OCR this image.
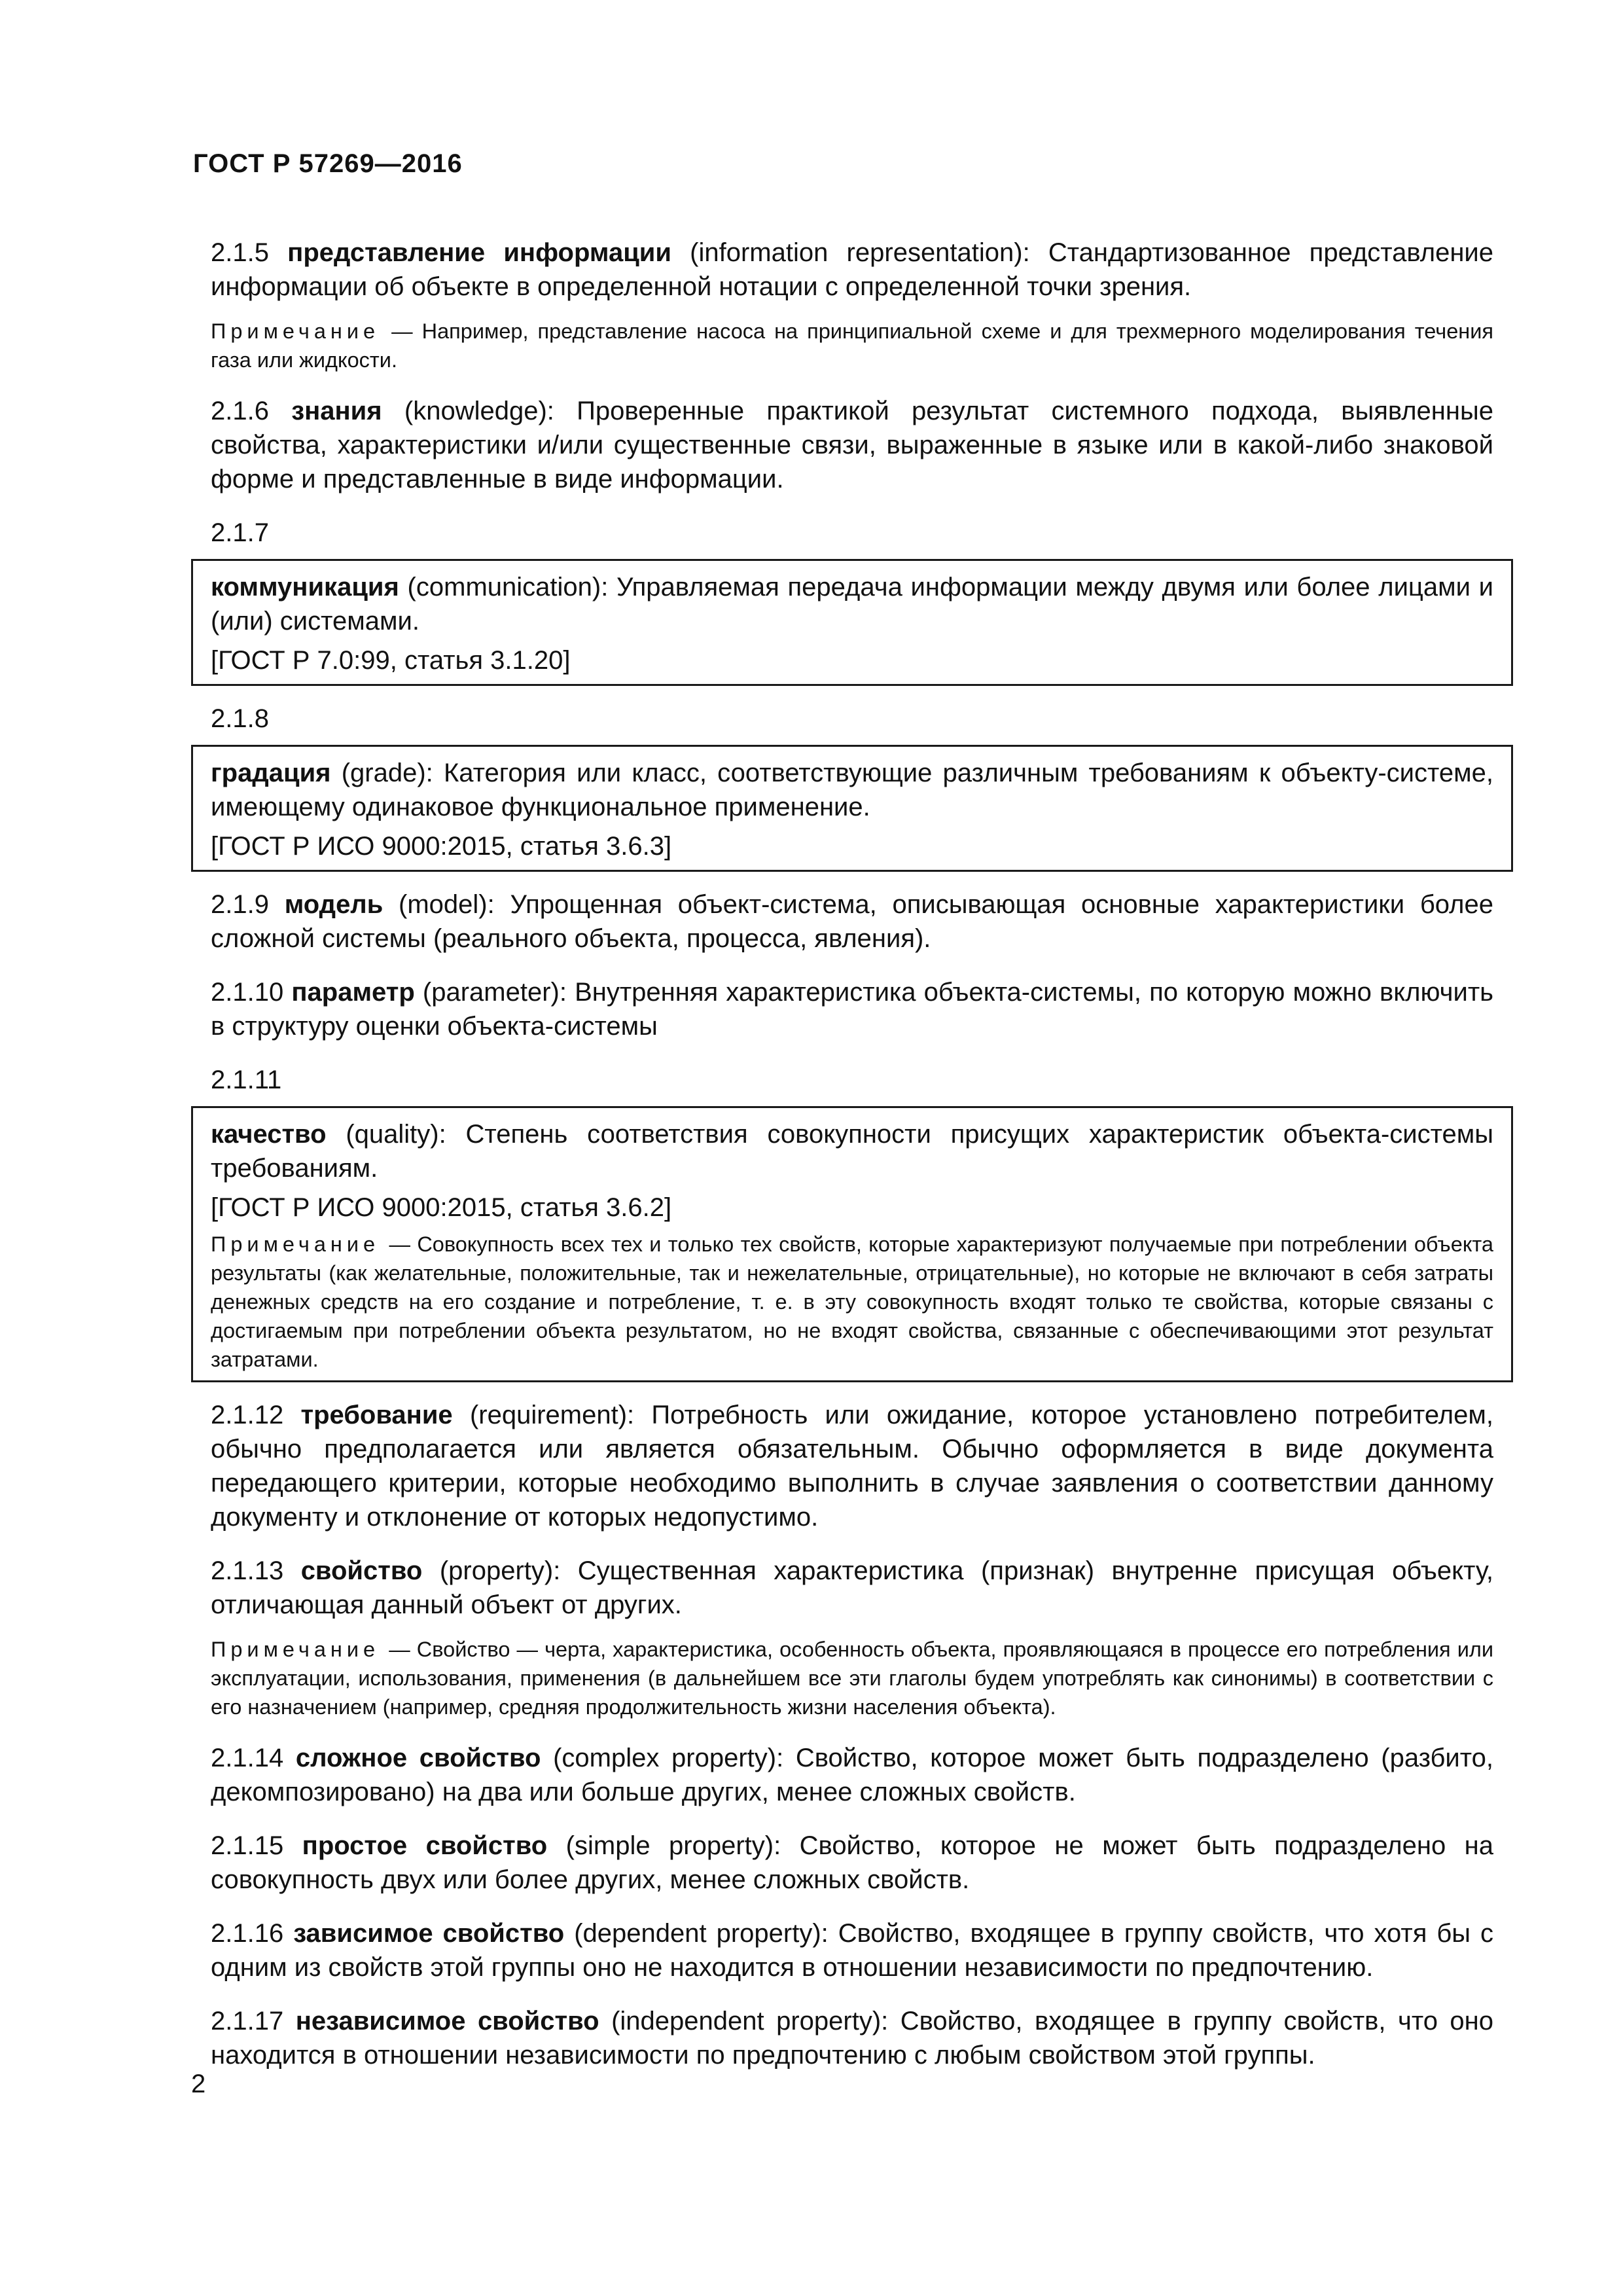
ГОСТ Р 57269—2016

2.1.5 представление информации (information representation): Стандартизованное представление информации об объекте в определенной нотации с определенной точки зрения.

Примечание — Например, представление насоса на принципиальной схеме и для трехмерного моделирования течения газа или жидкости.

2.1.6 знания (knowledge): Проверенные практикой результат системного подхода, выявленные свойства, характеристики и/или существенные связи, выраженные в языке или в какой-либо знаковой форме и представленные в виде информации.

2.1.7

коммуникация (communication): Управляемая передача информации между двумя или более лицами и (или) системами.

[ГОСТ Р 7.0:99, статья 3.1.20]

2.1.8

градация (grade): Категория или класс, соответствующие различным требованиям к объекту-системе, имеющему одинаковое функциональное применение.

[ГОСТ Р ИСО 9000:2015, статья 3.6.3]

2.1.9 модель (model): Упрощенная объект-система, описывающая основные характеристики более сложной системы (реального объекта, процесса, явления).

2.1.10 параметр (parameter): Внутренняя характеристика объекта-системы, по которую можно включить в структуру оценки объекта-системы

2.1.11

качество (quality): Степень соответствия совокупности присущих характеристик объекта-системы требованиям.

[ГОСТ Р ИСО 9000:2015, статья 3.6.2]

Примечание — Совокупность всех тех и только тех свойств, которые характеризуют получаемые при потреблении объекта результаты (как желательные, положительные, так и нежелательные, отрицательные), но которые не включают в себя затраты денежных средств на его создание и потребление, т. е. в эту совокупность входят только те свойства, которые связаны с достигаемым при потреблении объекта результатом, но не входят свойства, связанные с обеспечивающими этот результат затратами.

2.1.12 требование (requirement): Потребность или ожидание, которое установлено потребителем, обычно предполагается или является обязательным. Обычно оформляется в виде документа передающего критерии, которые необходимо выполнить в случае заявления о соответствии данному документу и отклонение от которых недопустимо.

2.1.13 свойство (property): Существенная характеристика (признак) внутренне присущая объекту, отличающая данный объект от других.

Примечание — Свойство — черта, характеристика, особенность объекта, проявляющаяся в процессе его потребления или эксплуатации, использования, применения (в дальнейшем все эти глаголы будем употреблять как синонимы) в соответствии с его назначением (например, средняя продолжительность жизни населения объекта).

2.1.14 сложное свойство (complex property): Свойство, которое может быть подразделено (разбито, декомпозировано) на два или больше других, менее сложных свойств.

2.1.15 простое свойство (simple property): Свойство, которое не может быть подразделено на совокупность двух или более других, менее сложных свойств.

2.1.16 зависимое свойство (dependent property): Свойство, входящее в группу свойств, что хотя бы с одним из свойств этой группы оно не находится в отношении независимости по предпочтению.

2.1.17 независимое свойство (independent property): Свойство, входящее в группу свойств, что оно находится в отношении независимости по предпочтению с любым свойством этой группы.

2
